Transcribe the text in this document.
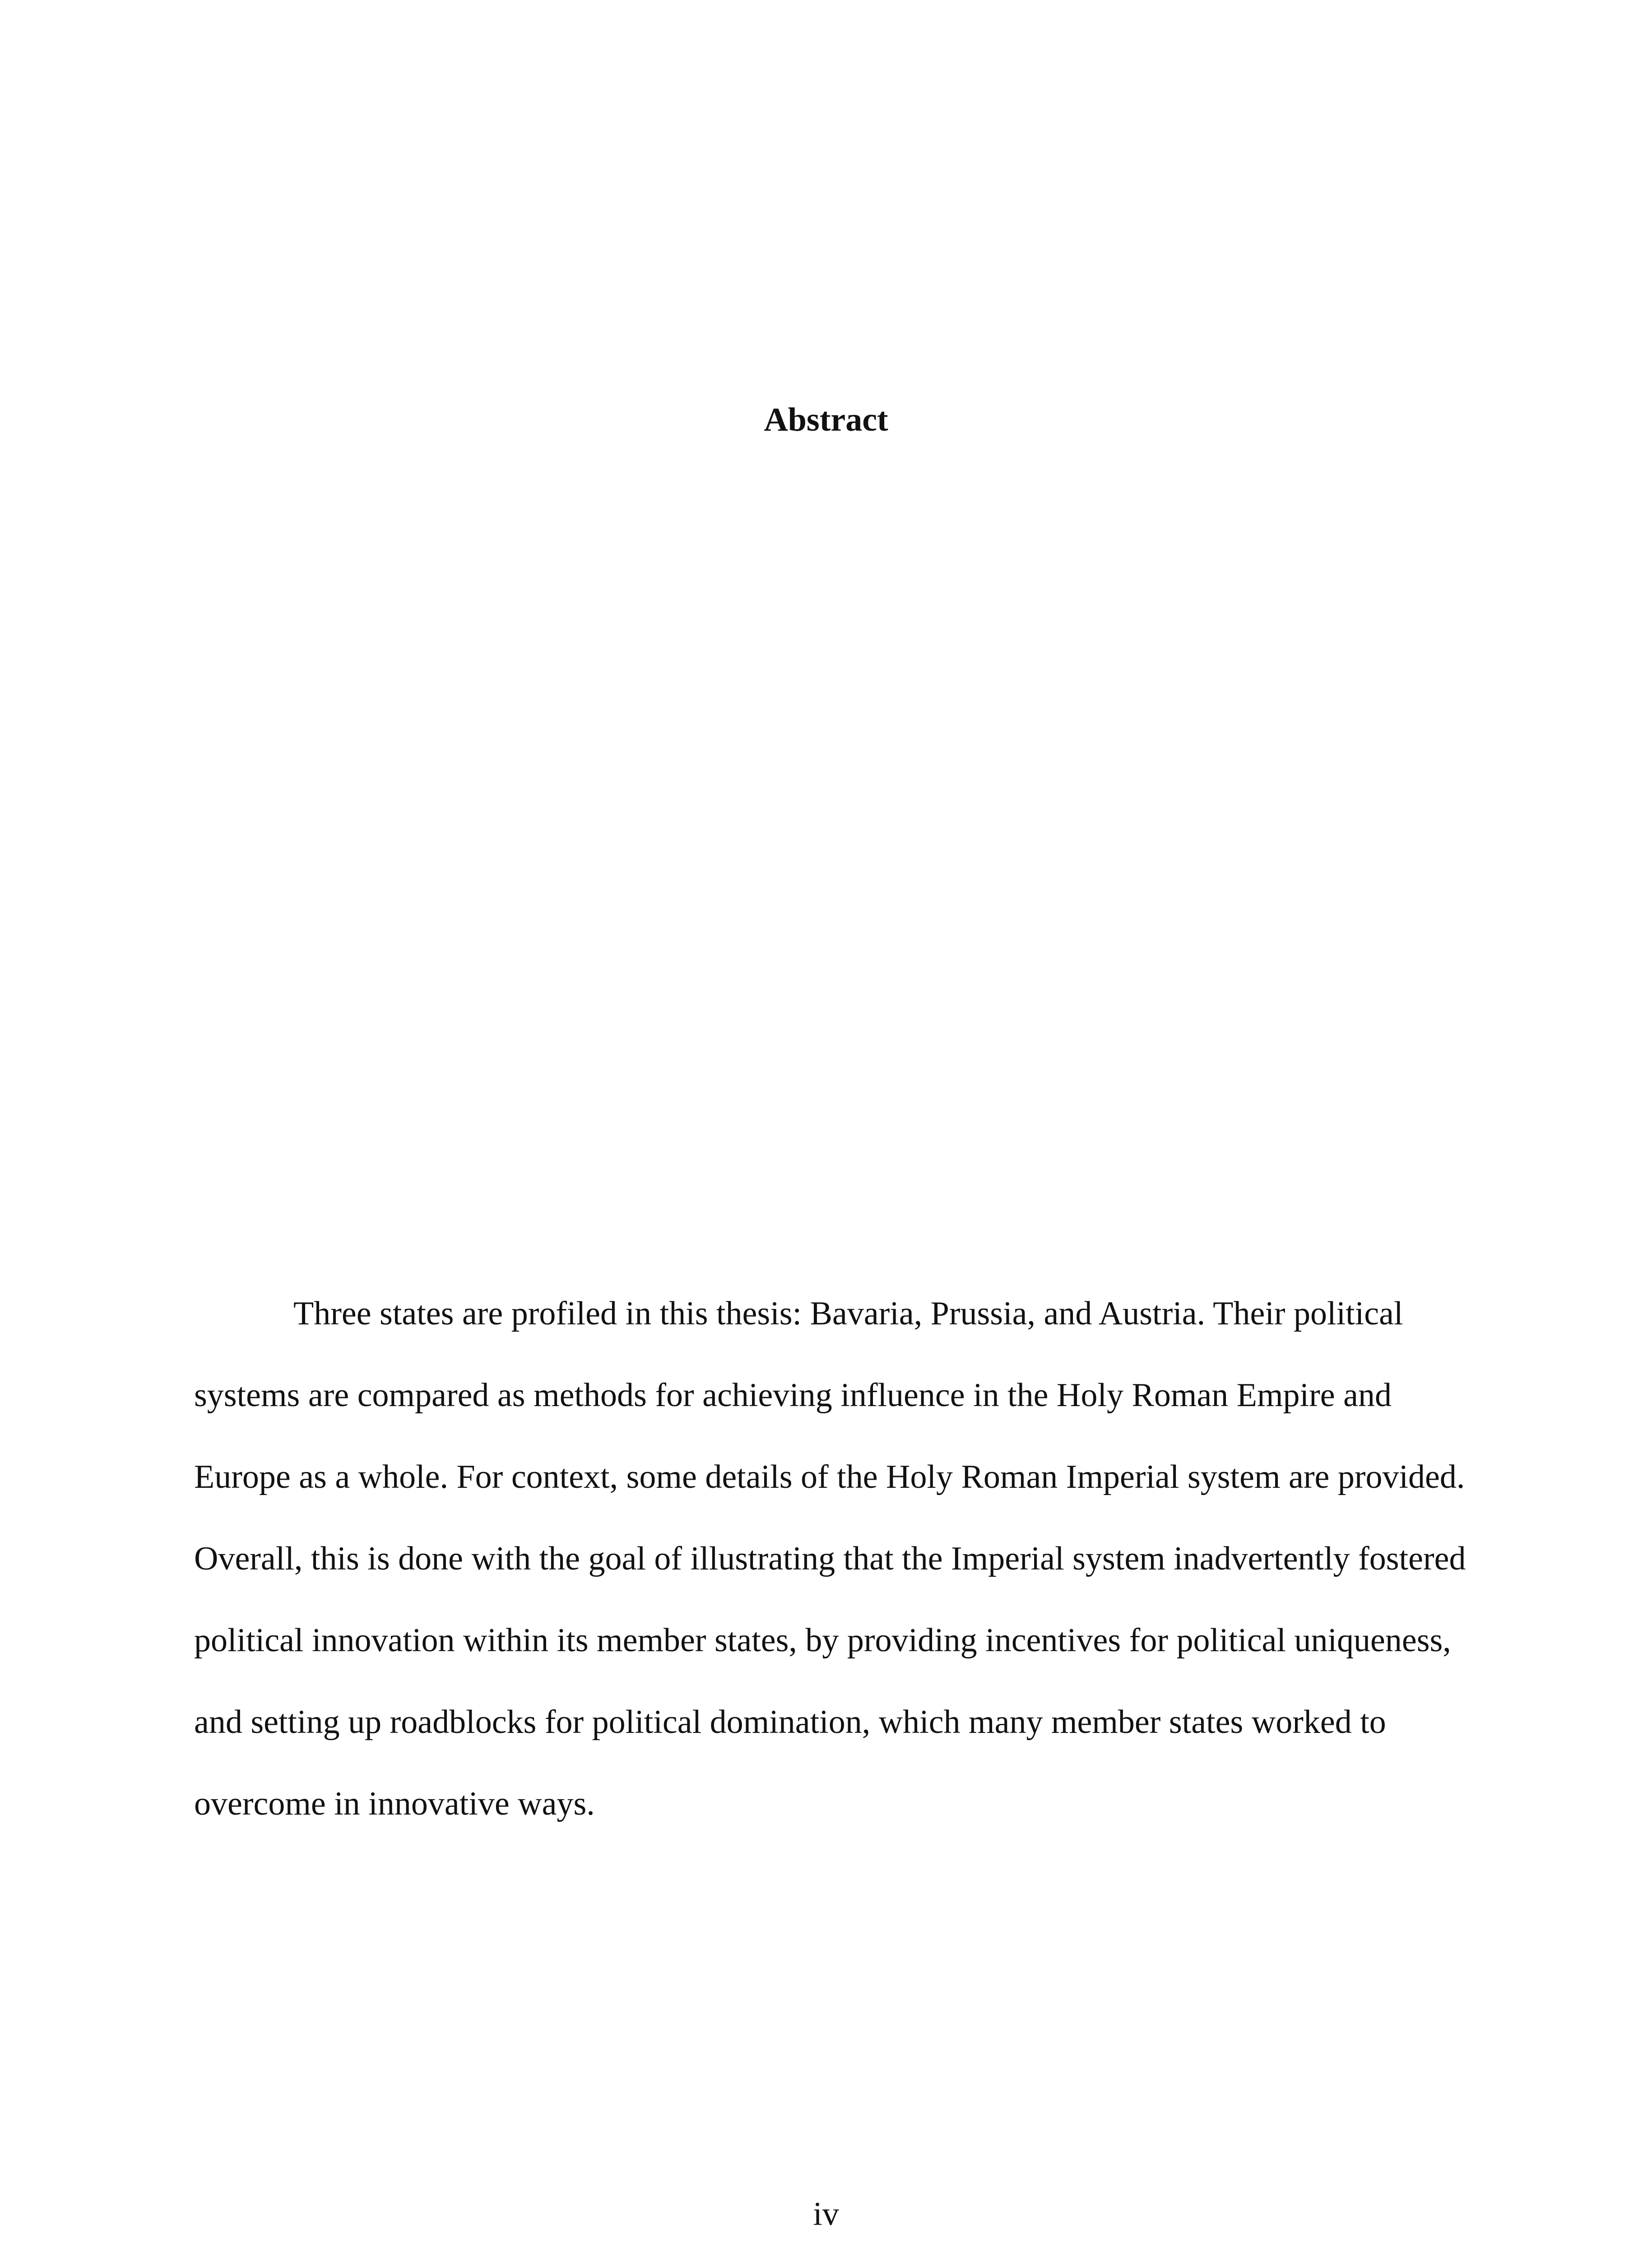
Abstract

Three states are profiled in this thesis: Bavaria, Prussia, and Austria. Their political systems are compared as methods for achieving influence in the Holy Roman Empire and Europe as a whole. For context, some details of the Holy Roman Imperial system are provided. Overall, this is done with the goal of illustrating that the Imperial system inadvertently fostered political innovation within its member states, by providing incentives for political uniqueness, and setting up roadblocks for political domination, which many member states worked to overcome in innovative ways.

iv
